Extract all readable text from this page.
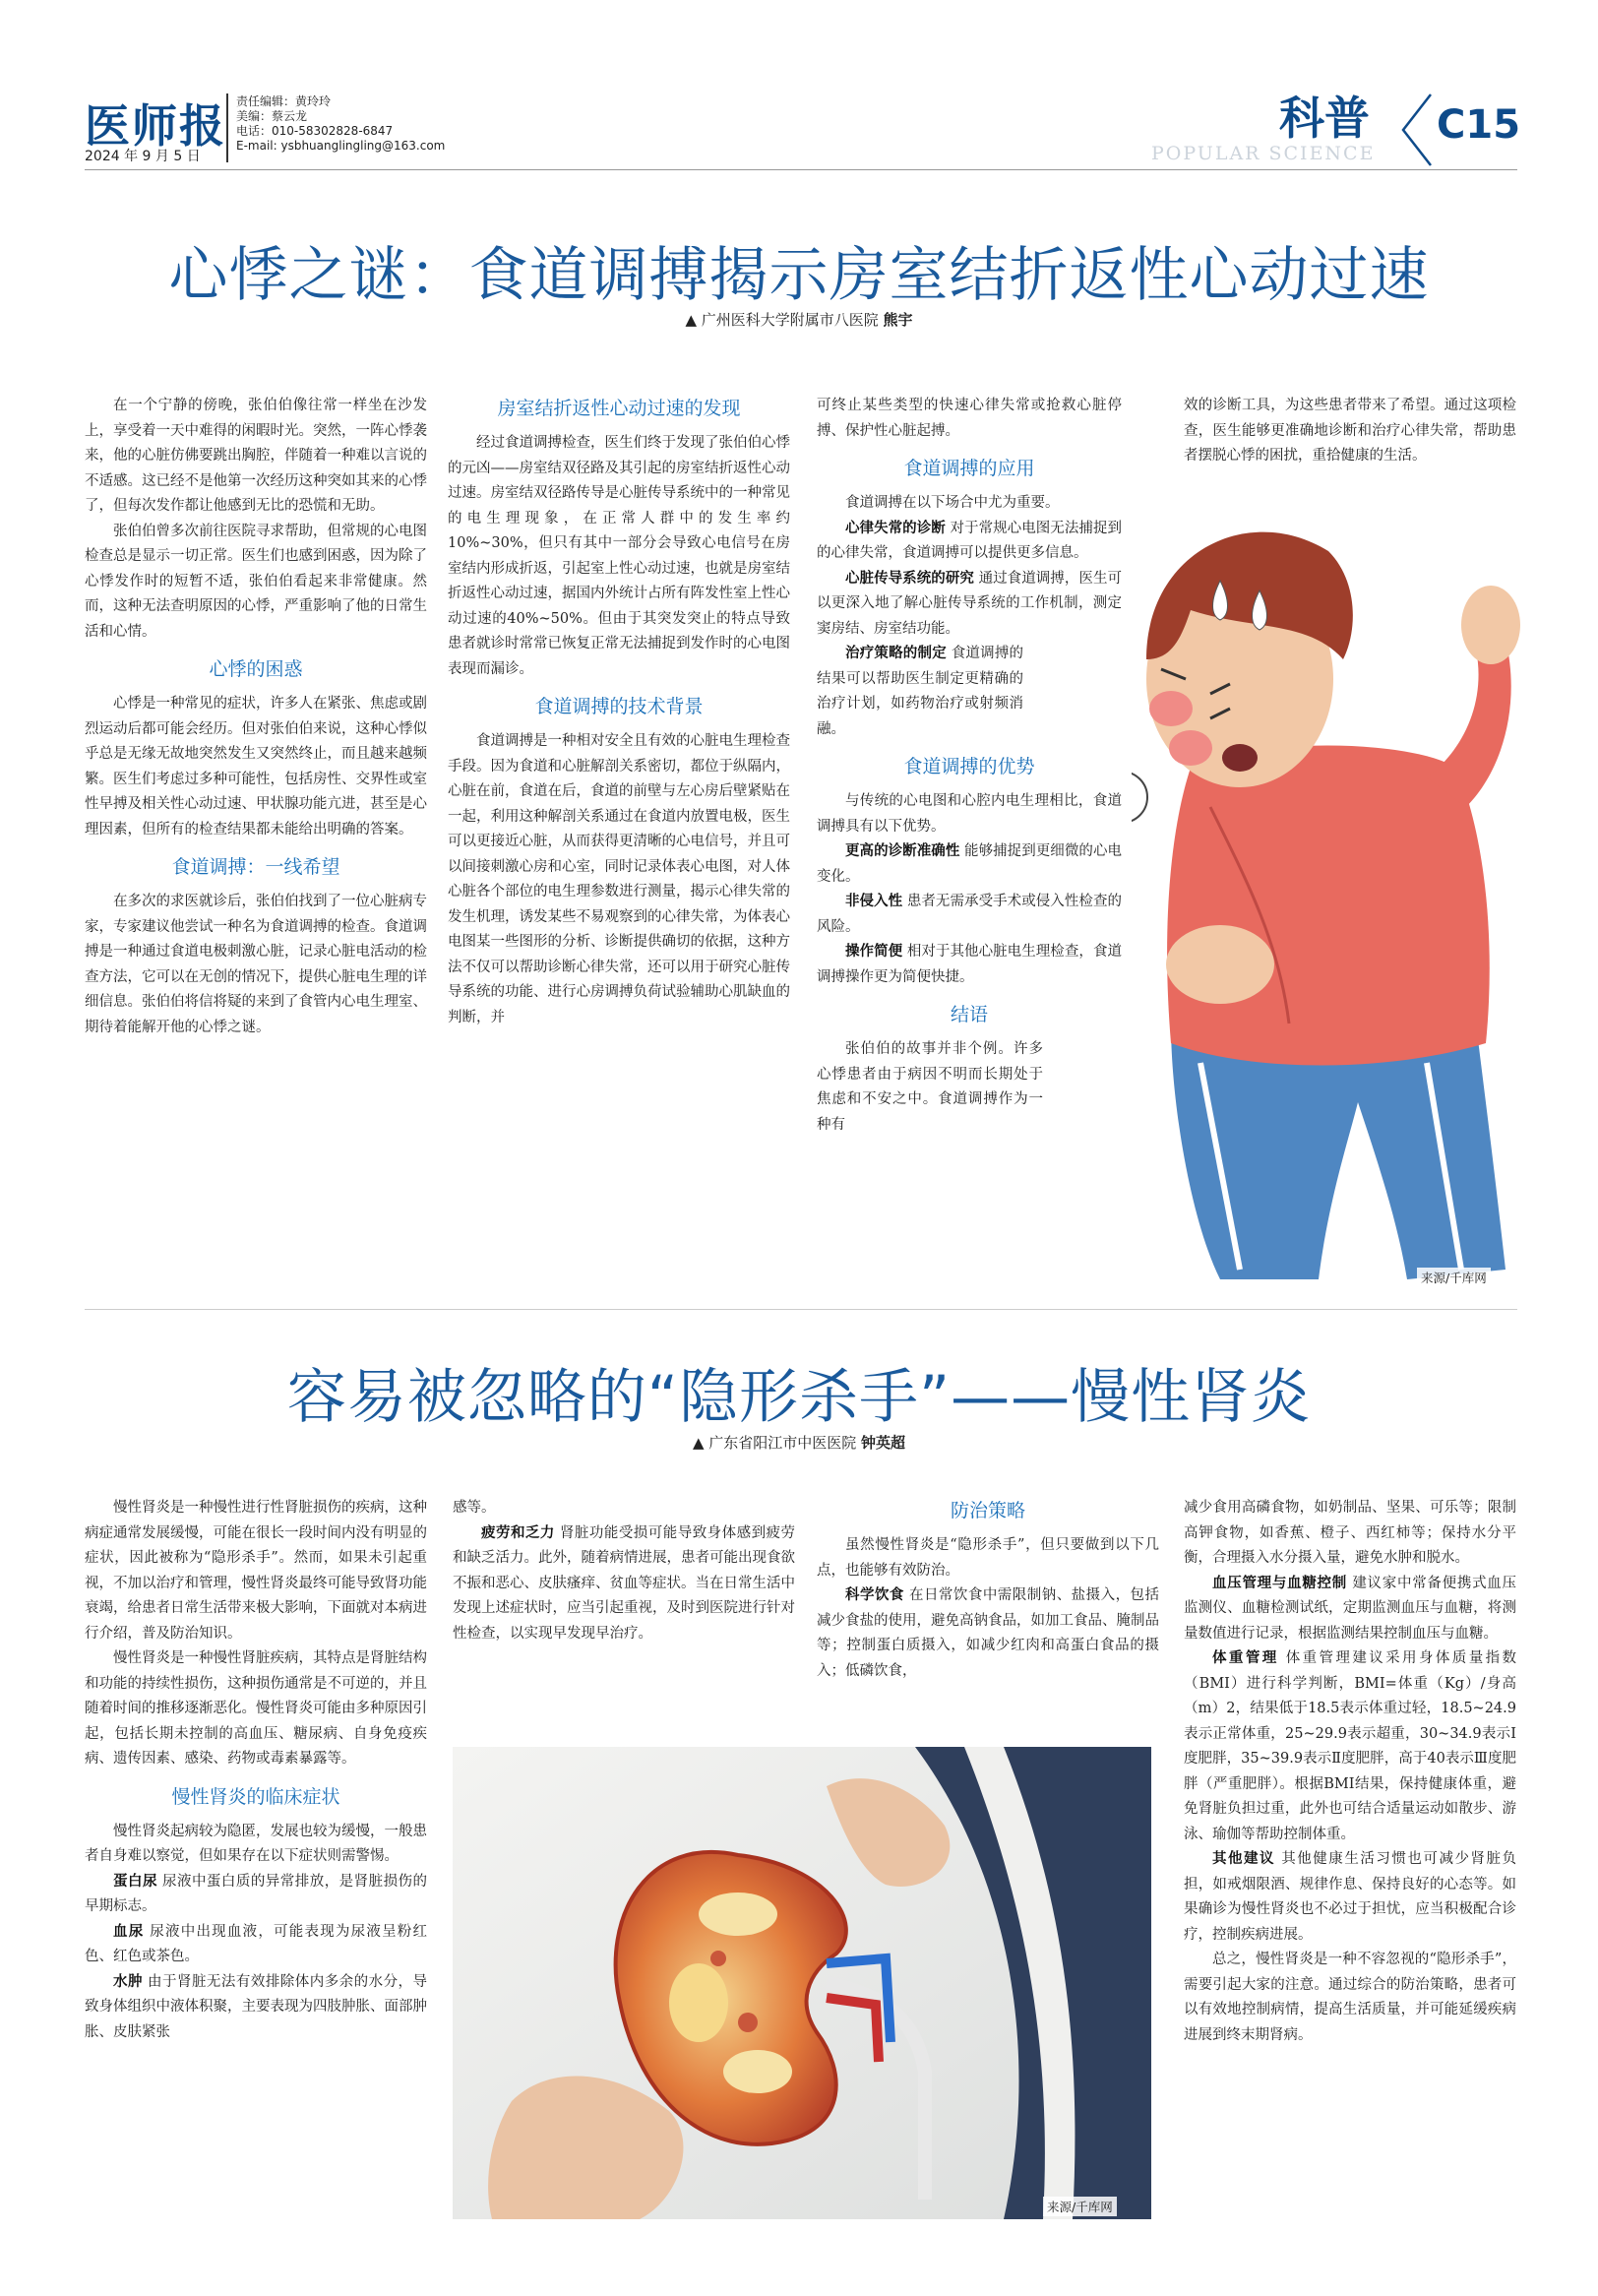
医师报
2024 年 9 月 5 日
责任编辑：黄玲玲
美编：蔡云龙
电话：010-58302828-6847
E-mail: ysbhuanglingling@163.com	POPULAR SCIENCE
科普 C15
心悸之谜：食道调搏揭示房室结折返性心动过速
▲ 广州医科大学附属市八医院 熊宇

在一个宁静的傍晚，张伯伯像往常一样坐在沙发上，享受着一天中难得的闲暇时光。突然，一阵心悸袭来，他的心脏仿佛要跳出胸腔，伴随着一种难以言说的不适感。这已经不是他第一次经历这种突如其来的心悸了，但每次发作都让他感到无比的恐慌和无助。

张伯伯曾多次前往医院寻求帮助，但常规的心电图检查总是显示一切正常。医生们也感到困惑，因为除了心悸发作时的短暂不适，张伯伯看起来非常健康。然而，这种无法查明原因的心悸，严重影响了他的日常生活和心情。

心悸的困惑

心悸是一种常见的症状，许多人在紧张、焦虑或剧烈运动后都可能会经历。但对张伯伯来说，这种心悸似乎总是无缘无故地突然发生又突然终止，而且越来越频繁。医生们考虑过多种可能性，包括房性、交界性或室性早搏及相关性心动过速、甲状腺功能亢进，甚至是心理因素，但所有的检查结果都未能给出明确的答案。

食道调搏：一线希望

在多次的求医就诊后，张伯伯找到了一位心脏病专家，专家建议他尝试一种名为食道调搏的检查。食道调搏是一种通过食道电极刺激心脏，记录心脏电活动的检查方法，它可以在无创的情况下，提供心脏电生理的详细信息。张伯伯将信将疑的来到了食管内心电生理室、期待着能解开他的心悸之谜。

房室结折返性心动过速的发现

经过食道调搏检查，医生们终于发现了张伯伯心悸的元凶——房室结双径路及其引起的房室结折返性心动过速。房室结双径路传导是心脏传导系统中的一种常见的电生理现象，在正常人群中的发生率约10%~30%，但只有其中一部分会导致心电信号在房室结内形成折返，引起室上性心动过速，也就是房室结折返性心动过速，据国内外统计占所有阵发性室上性心动过速的40%~50%。但由于其突发突止的特点导致患者就诊时常常已恢复正常无法捕捉到发作时的心电图表现而漏诊。

食道调搏的技术背景

食道调搏是一种相对安全且有效的心脏电生理检查手段。因为食道和心脏解剖关系密切，都位于纵隔内，心脏在前，食道在后，食道的前壁与左心房后壁紧贴在一起，利用这种解剖关系通过在食道内放置电极，医生可以更接近心脏，从而获得更清晰的心电信号，并且可以间接刺激心房和心室，同时记录体表心电图，对人体心脏各个部位的电生理参数进行测量，揭示心律失常的发生机理，诱发某些不易观察到的心律失常，为体表心电图某一些图形的分析、诊断提供确切的依据，这种方法不仅可以帮助诊断心律失常，还可以用于研究心脏传导系统的功能、进行心房调搏负荷试验辅助心肌缺血的判断，并

可终止某些类型的快速心律失常或抢救心脏停搏、保护性心脏起搏。

食道调搏的应用

食道调搏在以下场合中尤为重要。

心律失常的诊断 对于常规心电图无法捕捉到的心律失常，食道调搏可以提供更多信息。

心脏传导系统的研究 通过食道调搏，医生可以更深入地了解心脏传导系统的工作机制，测定窦房结、房室结功能。

治疗策略的制定 食道调搏的结果可以帮助医生制定更精确的治疗计划，如药物治疗或射频消融。

食道调搏的优势

与传统的心电图和心腔内电生理相比，食道调搏具有以下优势。

更高的诊断准确性 能够捕捉到更细微的心电变化。

非侵入性 患者无需承受手术或侵入性检查的风险。

操作简便 相对于其他心脏电生理检查，食道调搏操作更为简便快捷。

结语

张伯伯的故事并非个例。许多心悸患者由于病因不明而长期处于焦虑和不安之中。食道调搏作为一种有

效的诊断工具，为这些患者带来了希望。通过这项检查，医生能够更准确地诊断和治疗心律失常，帮助患者摆脱心悸的困扰，重拾健康的生活。

来源/千库网
容易被忽略的“隐形杀手”——慢性肾炎
▲ 广东省阳江市中医医院 钟英超

慢性肾炎是一种慢性进行性肾脏损伤的疾病，这种病症通常发展缓慢，可能在很长一段时间内没有明显的症状，因此被称为“隐形杀手”。然而，如果未引起重视，不加以治疗和管理，慢性肾炎最终可能导致肾功能衰竭，给患者日常生活带来极大影响，下面就对本病进行介绍，普及防治知识。

慢性肾炎是一种慢性肾脏疾病，其特点是肾脏结构和功能的持续性损伤，这种损伤通常是不可逆的，并且随着时间的推移逐渐恶化。慢性肾炎可能由多种原因引起，包括长期未控制的高血压、糖尿病、自身免疫疾病、遗传因素、感染、药物或毒素暴露等。

慢性肾炎的临床症状

慢性肾炎起病较为隐匿，发展也较为缓慢，一般患者自身难以察觉，但如果存在以下症状则需警惕。

蛋白尿 尿液中蛋白质的异常排放，是肾脏损伤的早期标志。

血尿 尿液中出现血液，可能表现为尿液呈粉红色、红色或茶色。

水肿 由于肾脏无法有效排除体内多余的水分，导致身体组织中液体积聚，主要表现为四肢肿胀、面部肿胀、皮肤紧张

感等。

疲劳和乏力 肾脏功能受损可能导致身体感到疲劳和缺乏活力。此外，随着病情进展，患者可能出现食欲不振和恶心、皮肤瘙痒、贫血等症状。当在日常生活中发现上述症状时，应当引起重视，及时到医院进行针对性检查，以实现早发现早治疗。

防治策略

虽然慢性肾炎是“隐形杀手”，但只要做到以下几点，也能够有效防治。

科学饮食 在日常饮食中需限制钠、盐摄入，包括减少食盐的使用，避免高钠食品，如加工食品、腌制品等；控制蛋白质摄入，如减少红肉和高蛋白食品的摄入；低磷饮食，

减少食用高磷食物，如奶制品、坚果、可乐等；限制高钾食物，如香蕉、橙子、西红柿等；保持水分平衡，合理摄入水分摄入量，避免水肿和脱水。

血压管理与血糖控制 建议家中常备便携式血压监测仪、血糖检测试纸，定期监测血压与血糖，将测量数值进行记录，根据监测结果控制血压与血糖。

体重管理 体重管理建议采用身体质量指数（BMI）进行科学判断，BMI=体重（Kg）/身高（m）2，结果低于18.5表示体重过轻，18.5~24.9表示正常体重，25~29.9表示超重，30~34.9表示Ⅰ度肥胖，35~39.9表示Ⅱ度肥胖，高于40表示Ⅲ度肥胖（严重肥胖）。根据BMI结果，保持健康体重，避免肾脏负担过重，此外也可结合适量运动如散步、游泳、瑜伽等帮助控制体重。

其他建议 其他健康生活习惯也可减少肾脏负担，如戒烟限酒、规律作息、保持良好的心态等。如果确诊为慢性肾炎也不必过于担忧，应当积极配合诊疗，控制疾病进展。

总之，慢性肾炎是一种不容忽视的“隐形杀手”，需要引起大家的注意。通过综合的防治策略，患者可以有效地控制病情，提高生活质量，并可能延缓疾病进展到终末期肾病。

来源/千库网
